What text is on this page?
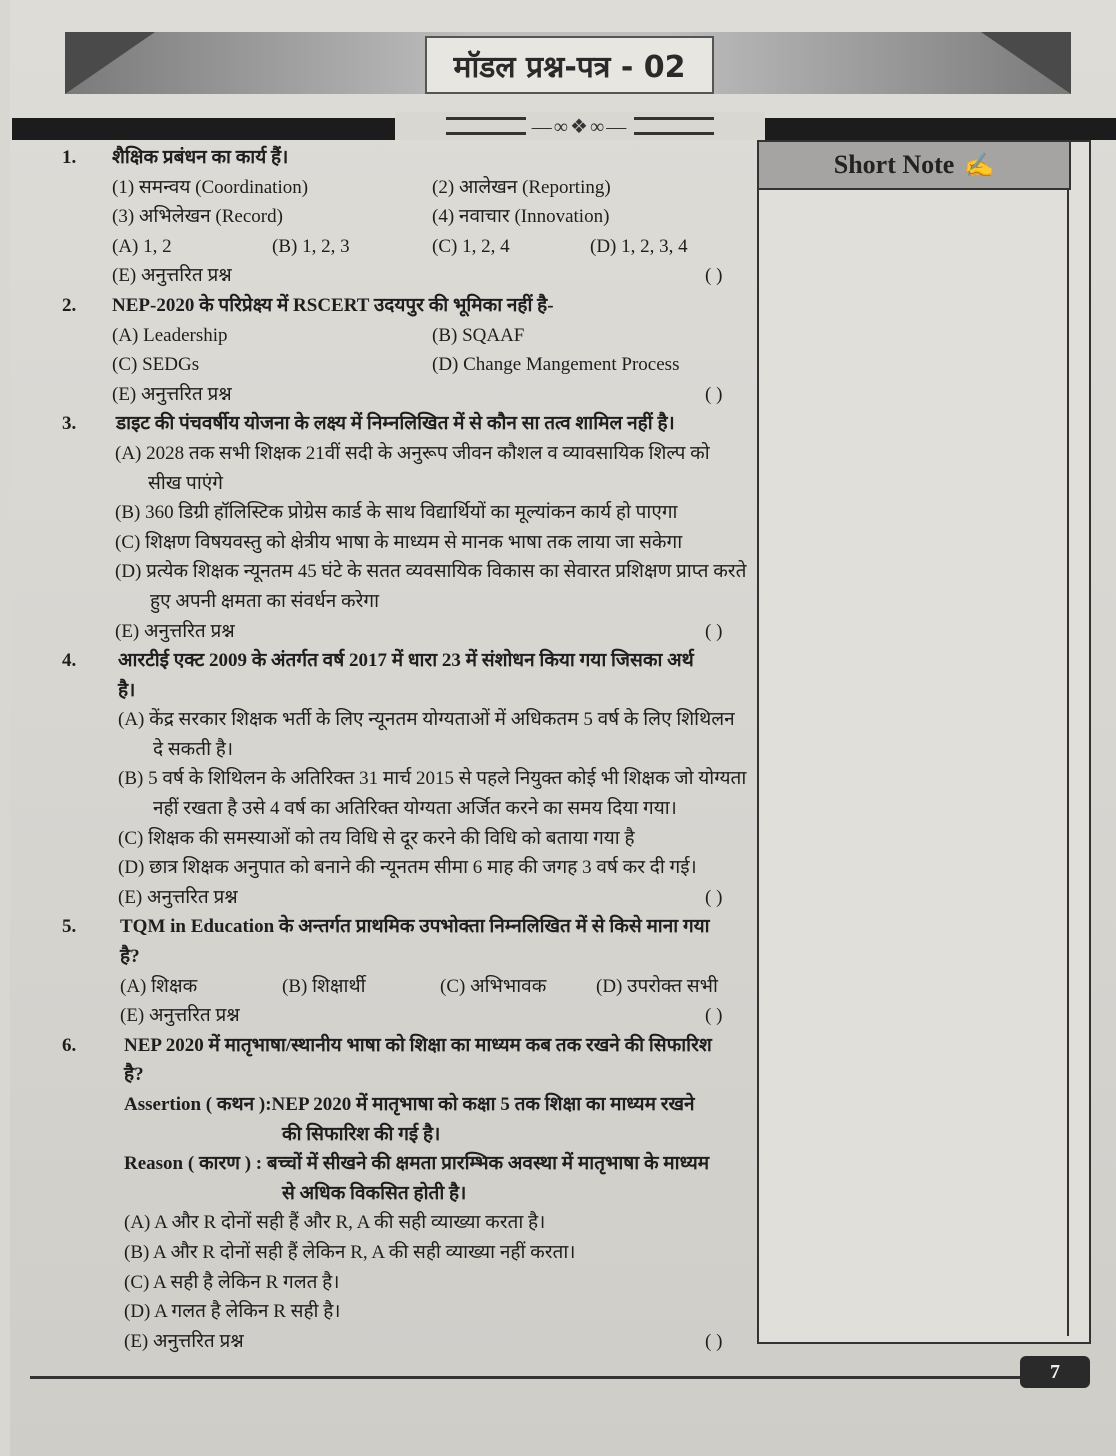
मॉडल प्रश्न-पत्र - 02
—∞❖∞—
Short Note ✍
1. शैक्षिक प्रबंधन का कार्य हैं।
(1) समन्वय (Coordination)	(2) आलेखन (Reporting)
(3) अभिलेखन (Record)	(4) नवाचार (Innovation)
(A) 1, 2	(B) 1, 2, 3	(C) 1, 2, 4	(D) 1, 2, 3, 4
(E) अनुत्तरित प्रश्न	( )
2. NEP-2020 के परिप्रेक्ष्य में RSCERT उदयपुर की भूमिका नहीं है-
(A) Leadership	(B) SQAAF
(C) SEDGs	(D) Change Mangement Process
(E) अनुत्तरित प्रश्न	( )
3. डाइट की पंचवर्षीय योजना के लक्ष्य में निम्नलिखित में से कौन सा तत्व शामिल नहीं है।
(A) 2028 तक सभी शिक्षक 21वीं सदी के अनुरूप जीवन कौशल व व्यावसायिक शिल्प को
सीख पाएंगे
(B) 360 डिग्री हॉलिस्टिक प्रोग्रेस कार्ड के साथ विद्यार्थियों का मूल्यांकन कार्य हो पाएगा
(C) शिक्षण विषयवस्तु को क्षेत्रीय भाषा के माध्यम से मानक भाषा तक लाया जा सकेगा
(D) प्रत्येक शिक्षक न्यूनतम 45 घंटे के सतत व्यवसायिक विकास का सेवारत प्रशिक्षण प्राप्त करते
हुए अपनी क्षमता का संवर्धन करेगा
(E) अनुत्तरित प्रश्न	( )
4. आरटीई एक्ट 2009 के अंतर्गत वर्ष 2017 में धारा 23 में संशोधन किया गया जिसका अर्थ
है।
(A) केंद्र सरकार शिक्षक भर्ती के लिए न्यूनतम योग्यताओं में अधिकतम 5 वर्ष के लिए शिथिलन
दे सकती है।
(B) 5 वर्ष के शिथिलन के अतिरिक्त 31 मार्च 2015 से पहले नियुक्त कोई भी शिक्षक जो योग्यता
नहीं रखता है उसे 4 वर्ष का अतिरिक्त योग्यता अर्जित करने का समय दिया गया।
(C) शिक्षक की समस्याओं को तय विधि से दूर करने की विधि को बताया गया है
(D) छात्र शिक्षक अनुपात को बनाने की न्यूनतम सीमा 6 माह की जगह 3 वर्ष कर दी गई।
(E) अनुत्तरित प्रश्न	( )
5. TQM in Education के अन्तर्गत प्राथमिक उपभोक्ता निम्नलिखित में से किसे माना गया
है?
(A) शिक्षक	(B) शिक्षार्थी	(C) अभिभावक	(D) उपरोक्त सभी
(E) अनुत्तरित प्रश्न	( )
6.	NEP 2020 में मातृभाषा/स्थानीय भाषा को शिक्षा का माध्यम कब तक रखने की सिफारिश
है?
Assertion ( कथन ):NEP 2020 में मातृभाषा को कक्षा 5 तक शिक्षा का माध्यम रखने
की सिफारिश की गई है।
Reason ( कारण ) : बच्चों में सीखने की क्षमता प्रारम्भिक अवस्था में मातृभाषा के माध्यम
से अधिक विकसित होती है।
(A) A और R दोनों सही हैं और R, A की सही व्याख्या करता है।
(B) A और R दोनों सही हैं लेकिन R, A की सही व्याख्या नहीं करता।
(C) A सही है लेकिन R गलत है।
(D) A गलत है लेकिन R सही है।
(E) अनुत्तरित प्रश्न	( )
7
